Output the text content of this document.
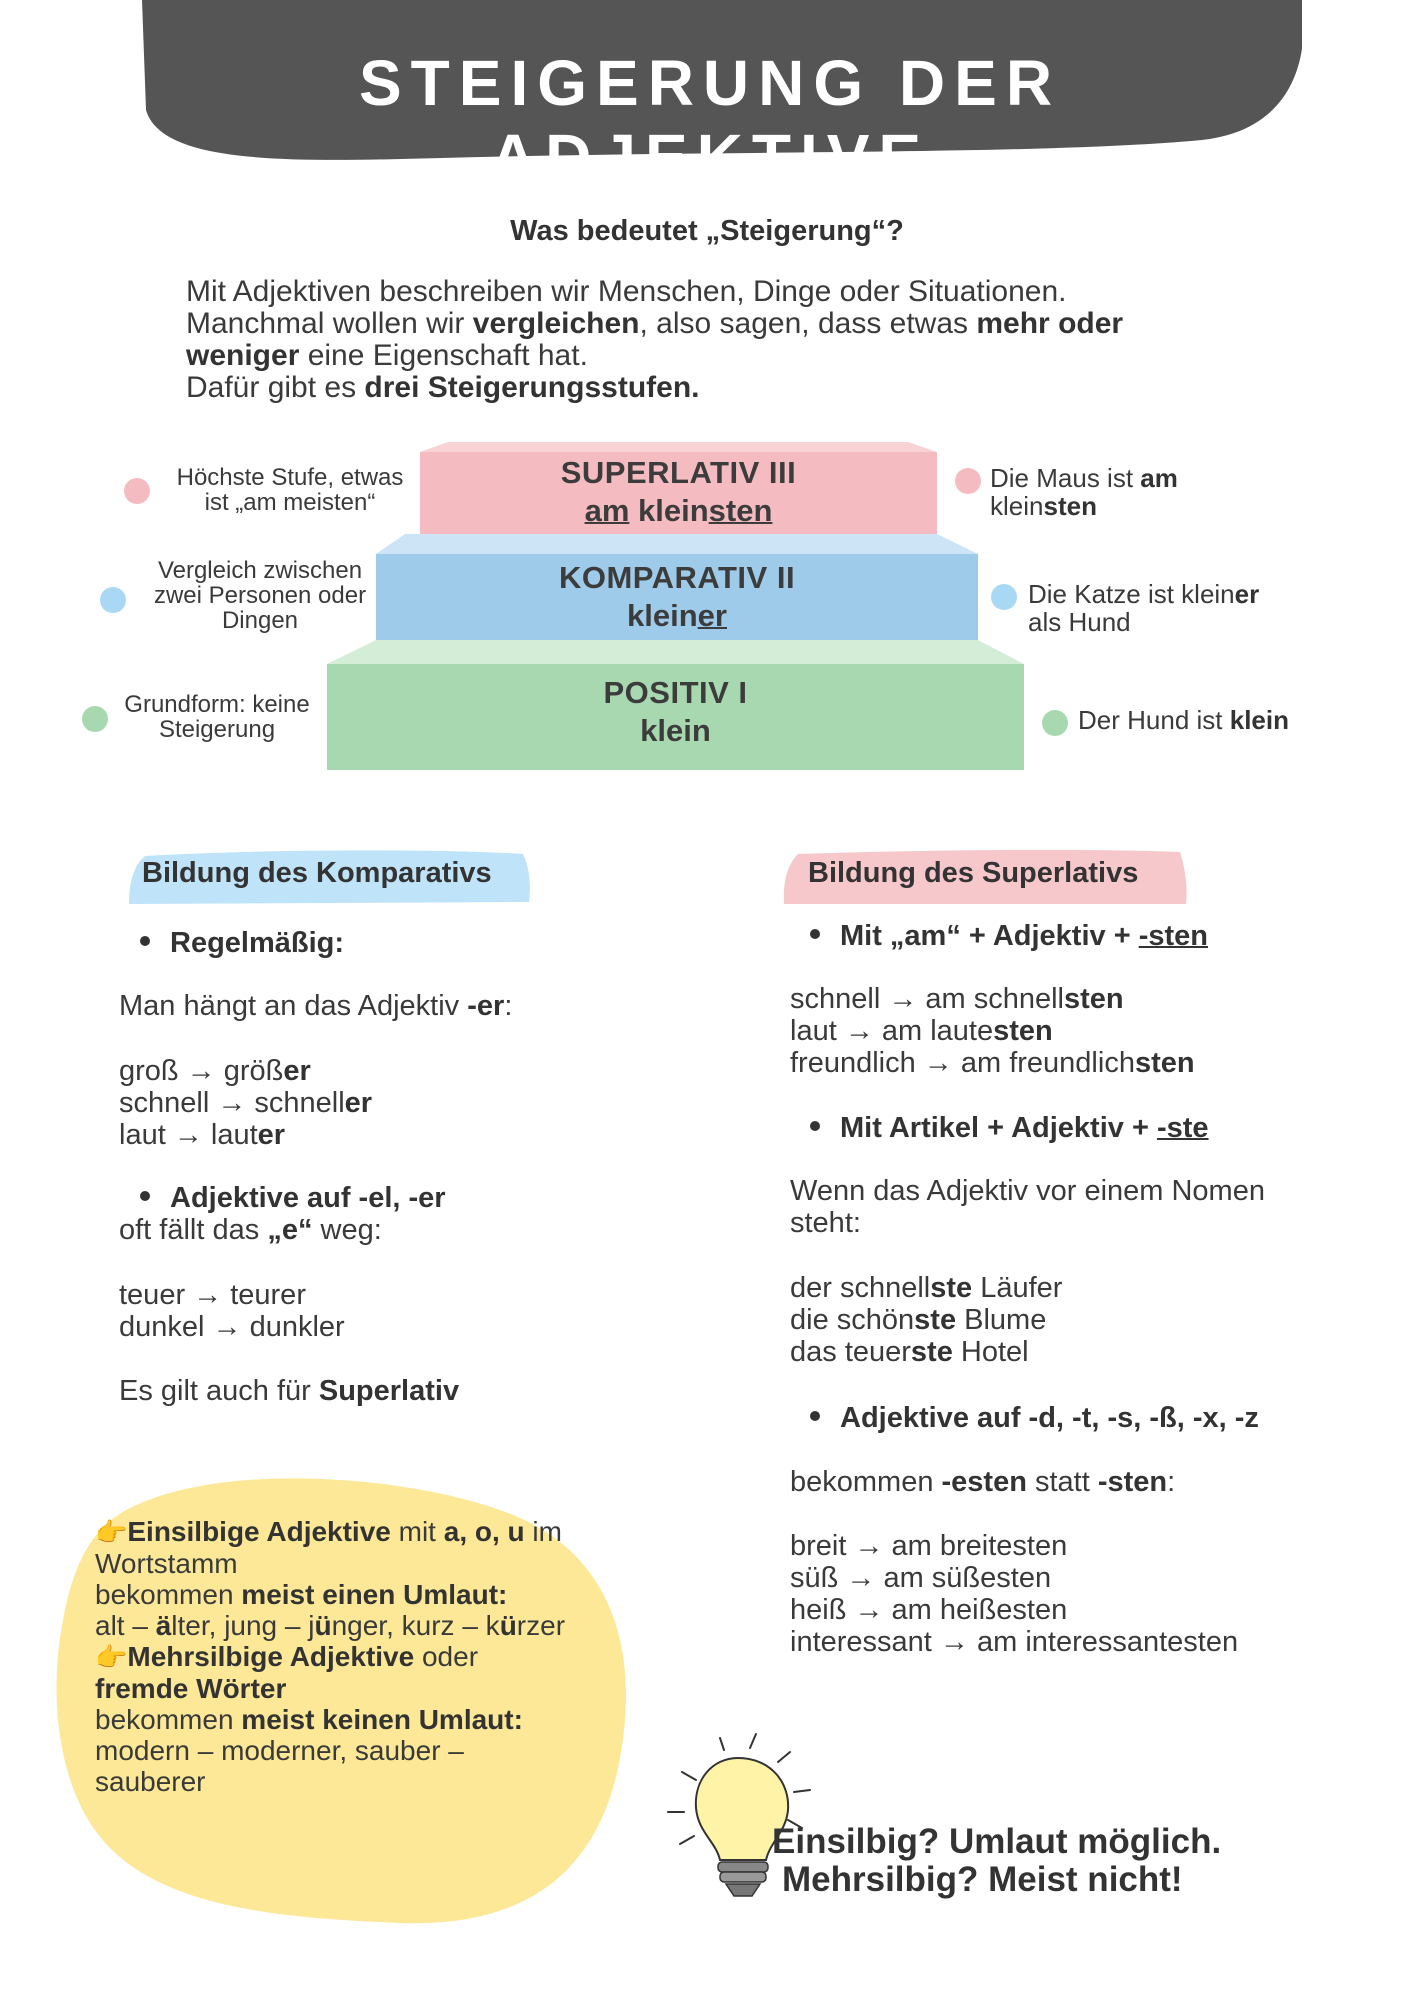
STEIGERUNG DER ADJEKTIVE
Was bedeutet „Steigerung“?
Mit Adjektiven beschreiben wir Menschen, Dinge oder Situationen.
Manchmal wollen wir vergleichen, also sagen, dass etwas mehr oder
weniger eine Eigenschaft hat.
Dafür gibt es drei Steigerungsstufen.
SUPERLATIV III
am kleinsten
KOMPARATIV II
kleiner
POSITIV I
klein
Höchste Stufe, etwas
ist „am meisten“
Vergleich zwischen
zwei Personen oder
Dingen
Grundform: keine
Steigerung
Die Maus ist am
kleinsten
Die Katze ist kleiner
als Hund
Der Hund ist klein
Bildung des Komparativs
Regelmäßig:
Man hängt an das Adjektiv -er:
groß → größer
schnell → schneller
laut → lauter
Adjektive auf -el, -er
oft fällt das „e“ weg:
teuer → teurer
dunkel → dunkler
Es gilt auch für Superlativ
Bildung des Superlativs
Mit „am“ + Adjektiv + -sten
schnell → am schnellsten
laut → am lautesten
freundlich → am freundlichsten
Mit Artikel + Adjektiv + -ste
Wenn das Adjektiv vor einem Nomen
steht:
der schnellste Läufer
die schönste Blume
das teuerste Hotel
Adjektive auf -d, -t, -s, -ß, -x, -z
bekommen -esten statt -sten:
breit → am breitesten
süß → am süßesten
heiß → am heißesten
interessant → am interessantesten
👉Einsilbige Adjektive mit a, o, u im
Wortstamm
bekommen meist einen Umlaut:
alt – älter, jung – jünger, kurz – kürzer
👉Mehrsilbige Adjektive oder
fremde Wörter
bekommen meist keinen Umlaut:
modern – moderner, sauber –
sauberer
Einsilbig? Umlaut möglich.
Mehrsilbig? Meist nicht!
